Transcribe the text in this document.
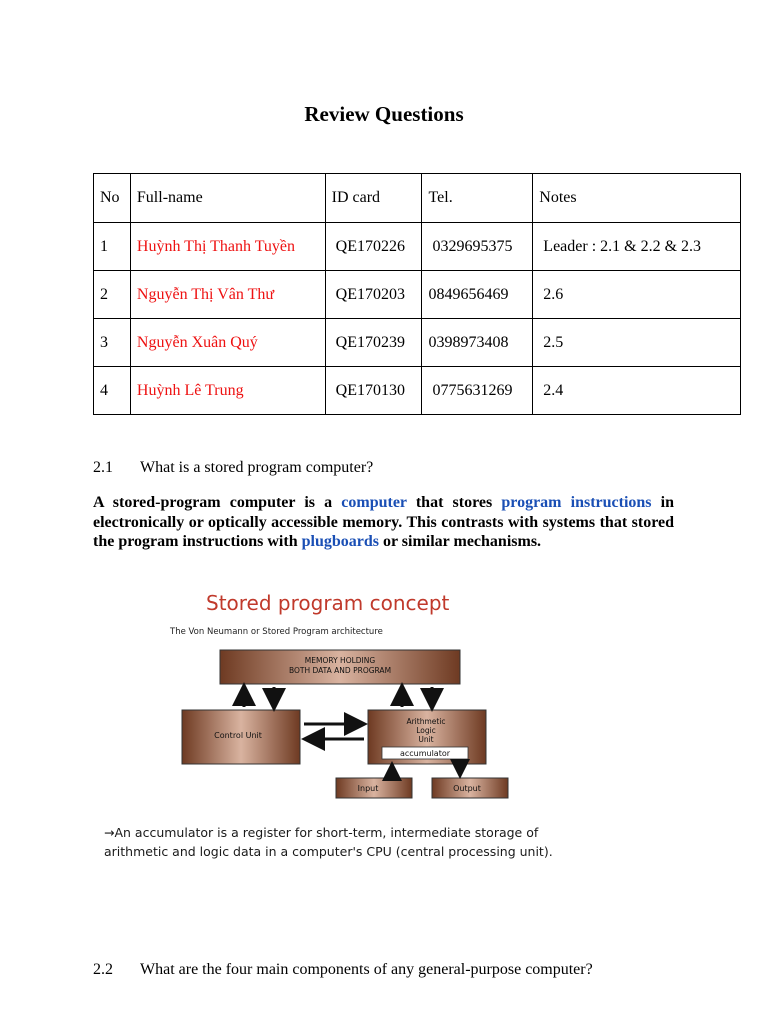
Review Questions
No	Full-name	ID card	Tel.	Notes
1	Huỳnh Thị Thanh Tuyền	QE170226	0329695375	Leader : 2.1 & 2.2 & 2.3
2	Nguyễn Thị Vân Thư	QE170203	0849656469	2.6
3	Nguyễn Xuân Quý	QE170239	0398973408	2.5
4	Huỳnh Lê Trung	QE170130	0775631269	2.4
2.1 What is a stored program computer?
A stored-program computer is a computer that stores program instructions in electronically or optically accessible memory. This contrasts with systems that stored the program instructions with plugboards or similar mechanisms.
Stored program concept
The Von Neumann or Stored Program architecture
MEMORY HOLDING
BOTH DATA AND PROGRAM
Control Unit
Arithmetic
Logic
Unit
accumulator
Input	Output
→An accumulator is a register for short-term, intermediate storage of
arithmetic and logic data in a computer's CPU (central processing unit).
2.2 What are the four main components of any general-purpose computer?
